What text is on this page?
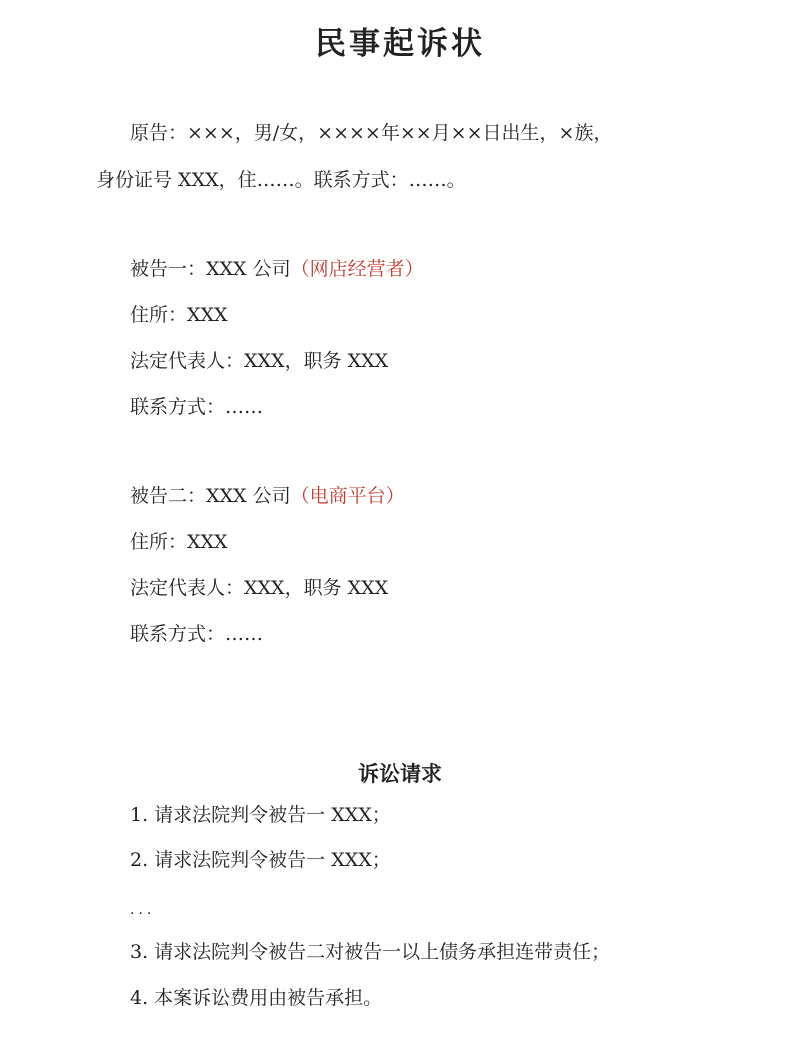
民事起诉状
原告：×××，男/女，××××年××月××日出生，×族，
身份证号 XXX，住……。联系方式：……。
被告一：XXX 公司（网店经营者）
住所：XXX
法定代表人：XXX，职务 XXX
联系方式：……
被告二：XXX 公司（电商平台）
住所：XXX
法定代表人：XXX，职务 XXX
联系方式：……
诉讼请求
1. 请求法院判令被告一 XXX；
2. 请求法院判令被告一 XXX；
...
3. 请求法院判令被告二对被告一以上债务承担连带责任；
4. 本案诉讼费用由被告承担。
